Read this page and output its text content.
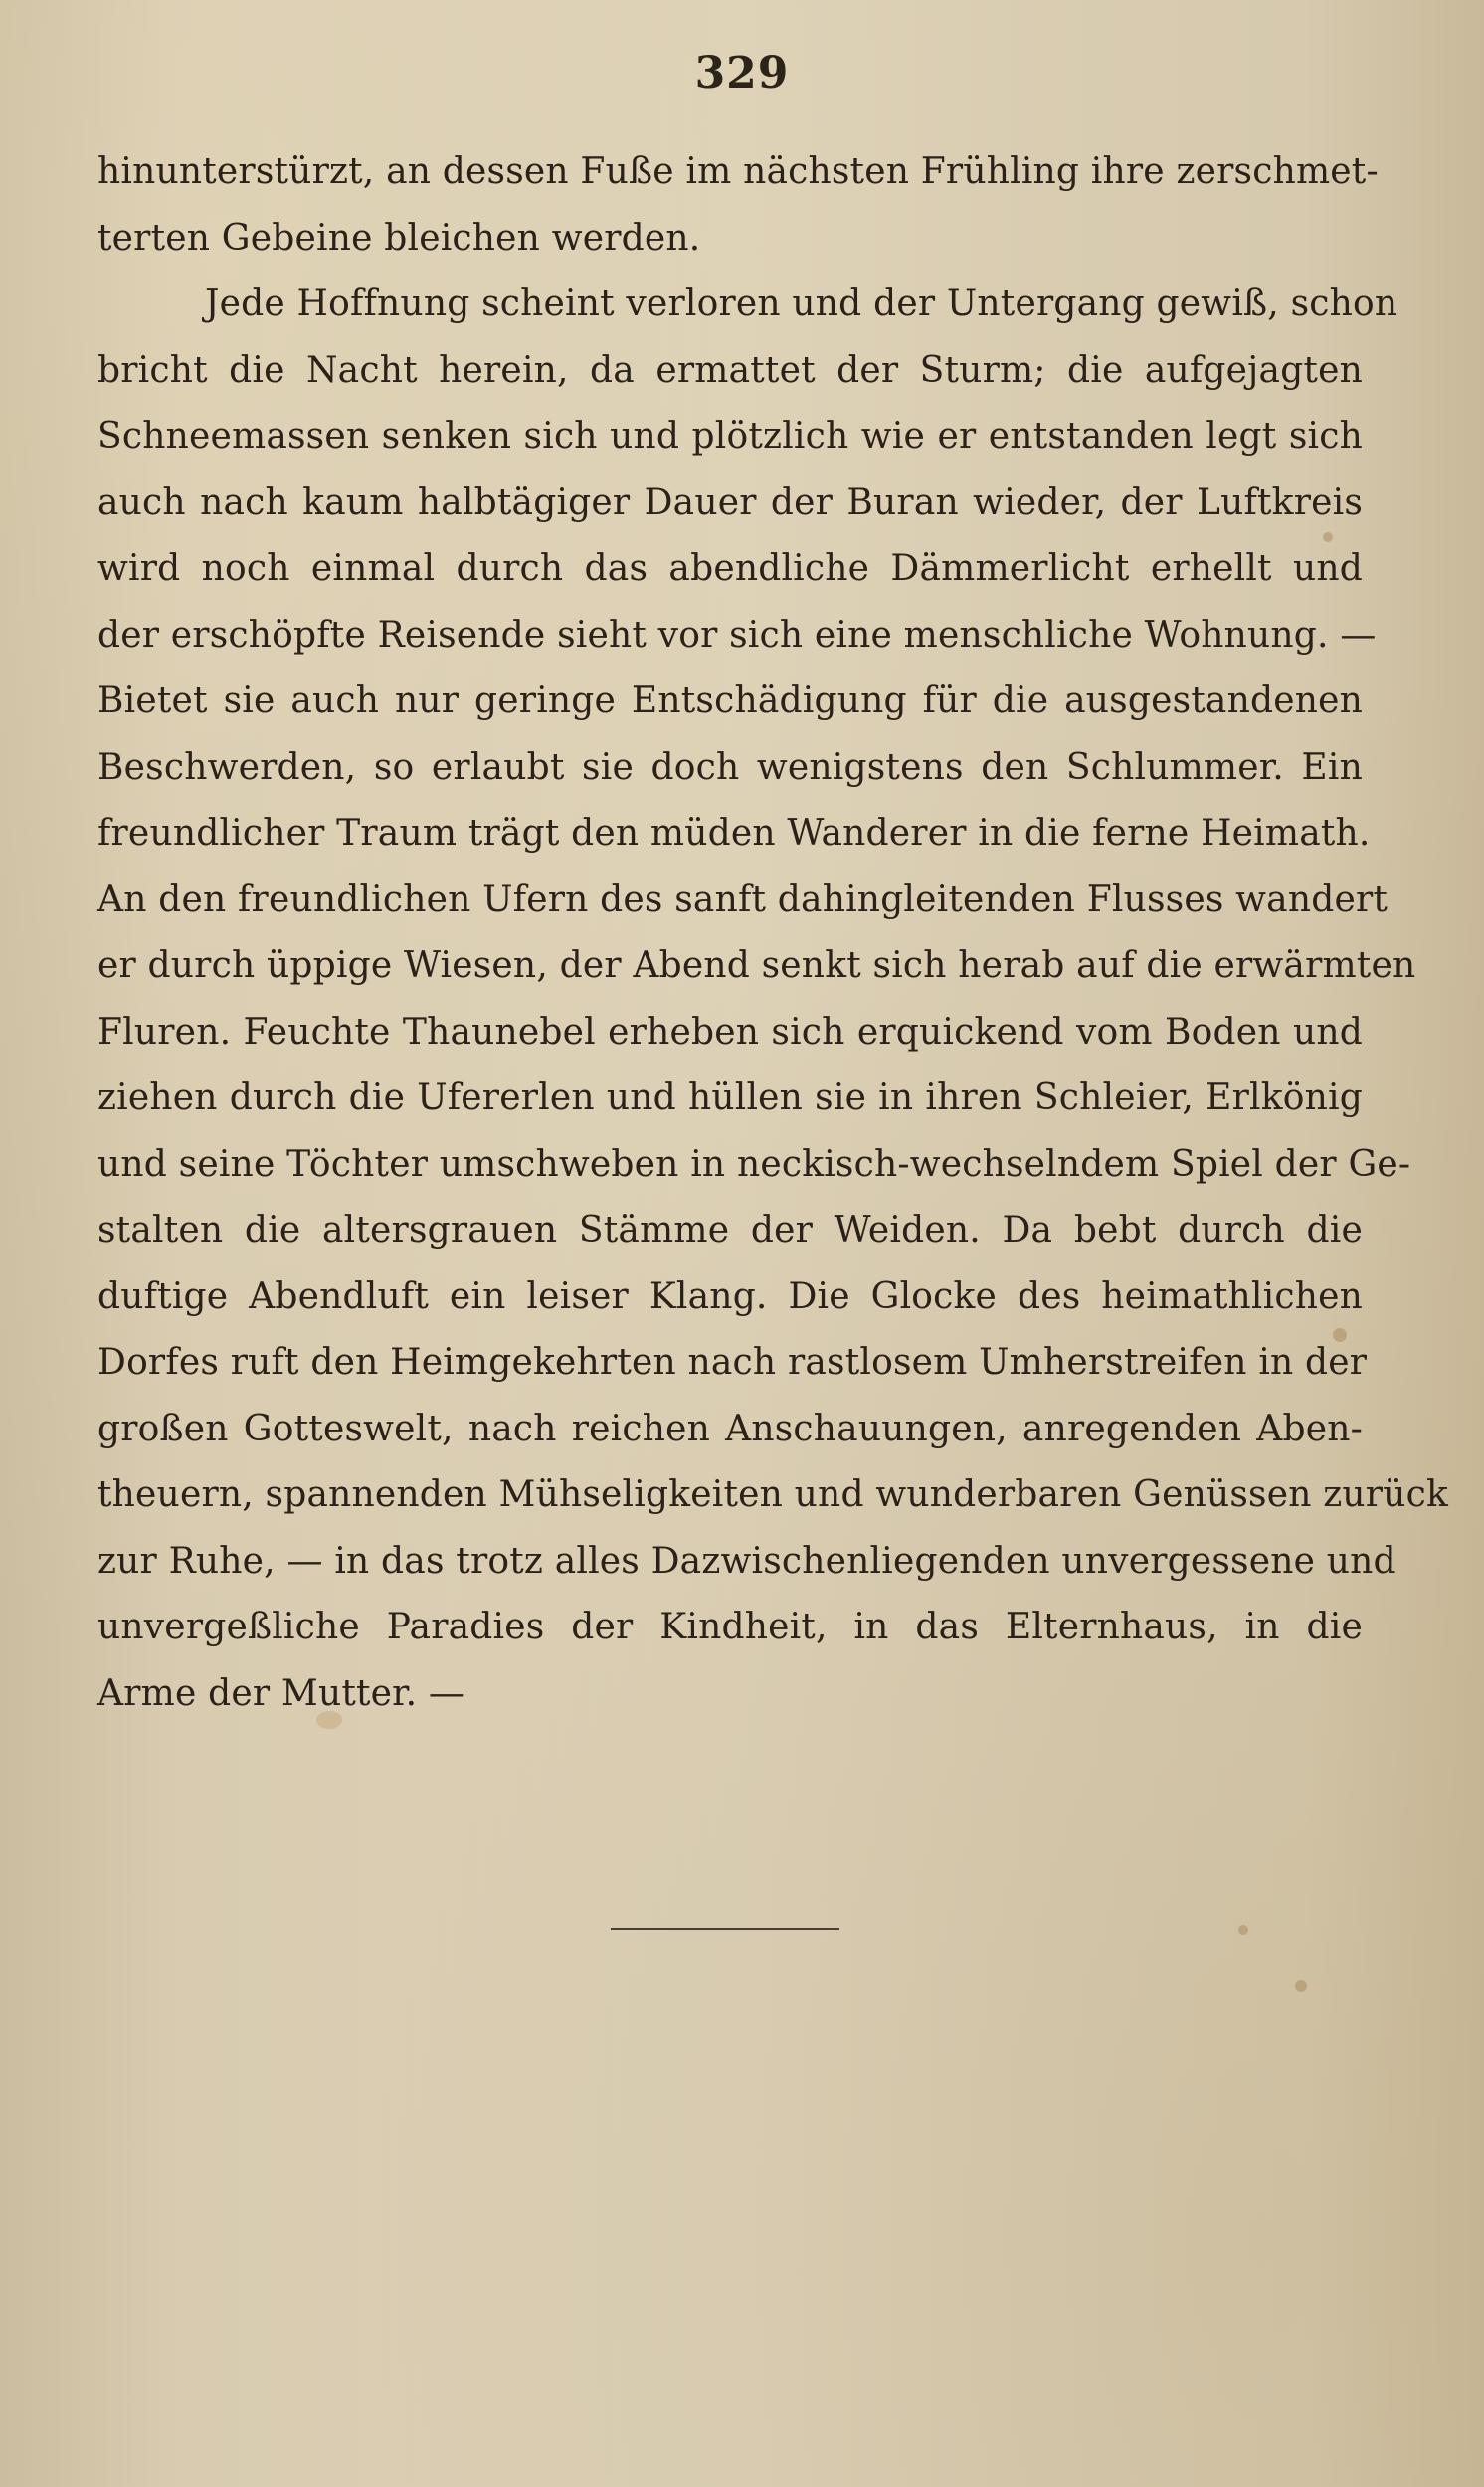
329
hinunterstürzt, an dessen Fuße im nächsten Frühling ihre zerschmet-
terten Gebeine bleichen werden.
Jede Hoffnung scheint verloren und der Untergang gewiß, schon
bricht die Nacht herein, da ermattet der Sturm; die aufgejagten
Schneemassen senken sich und plötzlich wie er entstanden legt sich
auch nach kaum halbtägiger Dauer der Buran wieder, der Luftkreis
wird noch einmal durch das abendliche Dämmerlicht erhellt und
der erschöpfte Reisende sieht vor sich eine menschliche Wohnung. —
Bietet sie auch nur geringe Entschädigung für die ausgestandenen
Beschwerden, so erlaubt sie doch wenigstens den Schlummer. Ein
freundlicher Traum trägt den müden Wanderer in die ferne Heimath.
An den freundlichen Ufern des sanft dahingleitenden Flusses wandert
er durch üppige Wiesen, der Abend senkt sich herab auf die erwärmten
Fluren. Feuchte Thaunebel erheben sich erquickend vom Boden und
ziehen durch die Ufererlen und hüllen sie in ihren Schleier, Erlkönig
und seine Töchter umschweben in neckisch-wechselndem Spiel der Ge-
stalten die altersgrauen Stämme der Weiden. Da bebt durch die
duftige Abendluft ein leiser Klang. Die Glocke des heimathlichen
Dorfes ruft den Heimgekehrten nach rastlosem Umherstreifen in der
großen Gotteswelt, nach reichen Anschauungen, anregenden Aben-
theuern, spannenden Mühseligkeiten und wunderbaren Genüssen zurück
zur Ruhe, — in das trotz alles Dazwischenliegenden unvergessene und
unvergeßliche Paradies der Kindheit, in das Elternhaus, in die
Arme der Mutter. —
